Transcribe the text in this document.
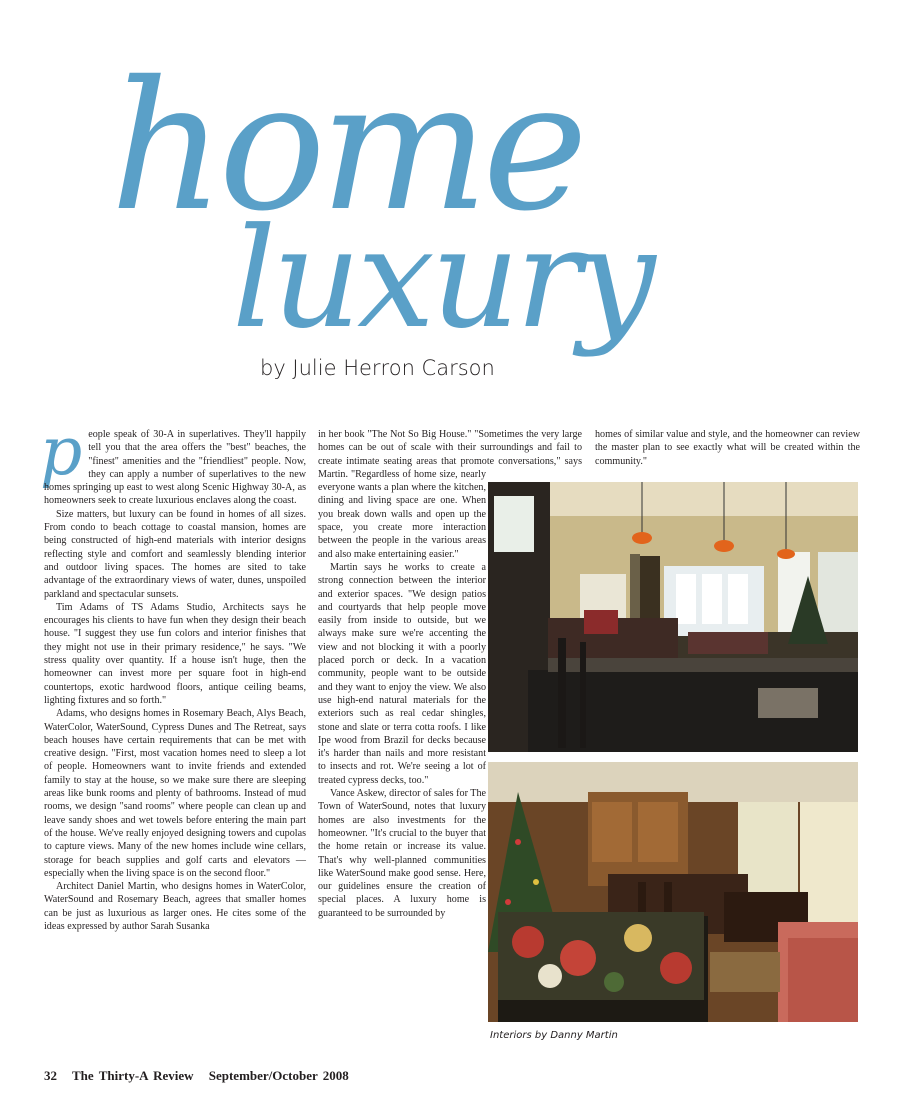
home
luxury

by Julie Herron Carson

people speak of 30-A in superlatives. They'll happily tell you that the area offers the "best" beaches, the "finest" amenities and the "friendliest" people. Now, they can apply a number of superlatives to the new homes springing up east to west along Scenic Highway 30-A, as homeowners seek to create luxurious enclaves along the coast.

Size matters, but luxury can be found in homes of all sizes. From condo to beach cottage to coastal mansion, homes are being constructed of high-end materials with interior designs reflecting style and comfort and seamlessly blending interior and outdoor living spaces. The homes are sited to take advantage of the extraordinary views of water, dunes, unspoiled parkland and spectacular sunsets.

Tim Adams of TS Adams Studio, Architects says he encourages his clients to have fun when they design their beach house. "I suggest they use fun colors and interior finishes that they might not use in their primary residence," he says. "We stress quality over quantity. If a house isn't huge, then the homeowner can invest more per square foot in high-end countertops, exotic hardwood floors, antique ceiling beams, lighting fixtures and so forth."

Adams, who designs homes in Rosemary Beach, Alys Beach, WaterColor, WaterSound, Cypress Dunes and The Retreat, says beach houses have certain requirements that can be met with creative design. "First, most vacation homes need to sleep a lot of people. Homeowners want to invite friends and extended family to stay at the house, so we make sure there are sleeping areas like bunk rooms and plenty of bathrooms. Instead of mud rooms, we design "sand rooms" where people can clean up and leave sandy shoes and wet towels before entering the main part of the house. We've really enjoyed designing towers and cupolas to capture views. Many of the new homes include wine cellars, storage for beach supplies and golf carts and elevators — especially when the living space is on the second floor."

Architect Daniel Martin, who designs homes in WaterColor, WaterSound and Rosemary Beach, agrees that smaller homes can be just as luxurious as larger ones. He cites some of the ideas expressed by author Sarah Susanka

in her book "The Not So Big House." "Sometimes the very large homes can be out of scale with their surroundings and fail to create intimate seating areas that promote conversations," says Martin. "Regardless of home size, nearly everyone wants a plan where the kitchen, dining and living space are one. When you break down walls and open up the space, you create more interaction between the people in the various areas and also make entertaining easier."

Martin says he works to create a strong connection between the interior and exterior spaces. "We design patios and courtyards that help people move easily from inside to outside, but we always make sure we're accenting the view and not blocking it with a poorly placed porch or deck. In a vacation community, people want to be outside and they want to enjoy the view. We also use high-end natural materials for the exteriors such as real cedar shingles, stone and slate or terra cotta roofs. I like Ipe wood from Brazil for decks because it's harder than nails and more resistant to insects and rot. We're seeing a lot of treated cypress decks, too."

Vance Askew, director of sales for The Town of WaterSound, notes that luxury homes are also investments for the homeowner. "It's crucial to the buyer that the home retain or increase its value. That's why well-planned communities like WaterSound make good sense. Here, our guidelines ensure the creation of special places. A luxury home is guaranteed to be surrounded by

homes of similar value and style, and the homeowner can review the master plan to see exactly what will be created within the community."

Interiors by Danny Martin

32 The Thirty-A Review September/October 2008
